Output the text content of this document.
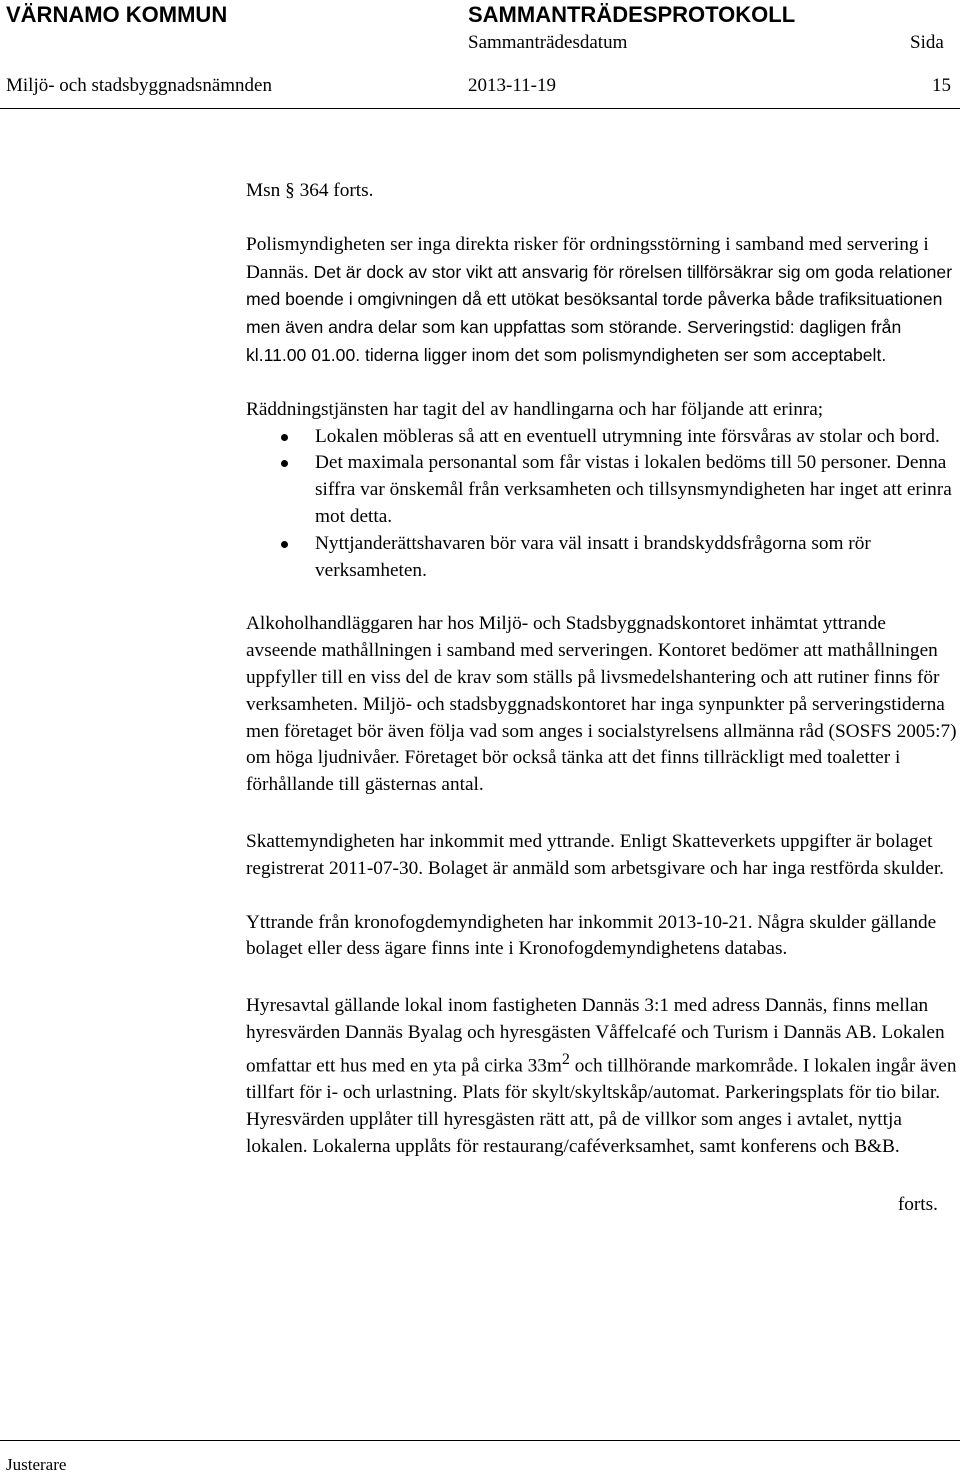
VÄRNAMO KOMMUN	SAMMANTRÄDESPROTOKOLL
Sammanträdesdatum	Sida
Miljö- och stadsbyggnadsnämnden	2013-11-19	15

Msn § 364 forts.

Polismyndigheten ser inga direkta risker för ordningsstörning i samband med servering i Dannäs. Det är dock av stor vikt att ansvarig för rörelsen tillförsäkrar sig om goda relationer med boende i omgivningen då ett utökat besöksantal torde påverka både trafiksituationen men även andra delar som kan uppfattas som störande. Serveringstid: dagligen från kl.11.00 01.00. tiderna ligger inom det som polismyndigheten ser som acceptabelt.

Räddningstjänsten har tagit del av handlingarna och har följande att erinra;

Lokalen möbleras så att en eventuell utrymning inte försvåras av stolar och bord.
Det maximala personantal som får vistas i lokalen bedöms till 50 personer. Denna siffra var önskemål från verksamheten och tillsynsmyndigheten har inget att erinra mot detta.
Nyttjanderättshavaren bör vara väl insatt i brandskyddsfrågorna som rör verksamheten.

Alkoholhandläggaren har hos Miljö- och Stadsbyggnadskontoret inhämtat yttrande avseende mathållningen i samband med serveringen. Kontoret bedömer att mathållningen uppfyller till en viss del de krav som ställs på livsmedelshantering och att rutiner finns för verksamheten. Miljö- och stadsbyggnadskontoret har inga synpunkter på serveringstiderna men företaget bör även följa vad som anges i socialstyrelsens allmänna råd (SOSFS 2005:7) om höga ljudnivåer. Företaget bör också tänka att det finns tillräckligt med toaletter i förhållande till gästernas antal.

Skattemyndigheten har inkommit med yttrande. Enligt Skatteverkets uppgifter är bolaget registrerat 2011-07-30. Bolaget är anmäld som arbetsgivare och har inga restförda skulder.

Yttrande från kronofogdemyndigheten har inkommit 2013-10-21. Några skulder gällande bolaget eller dess ägare finns inte i Kronofogdemyndighetens databas.

Hyresavtal gällande lokal inom fastigheten Dannäs 3:1 med adress Dannäs, finns mellan hyresvärden Dannäs Byalag och hyresgästen Våffelcafé och Turism i Dannäs AB. Lokalen omfattar ett hus med en yta på cirka $33m^2$ och tillhörande markområde. I lokalen ingår även tillfart för i- och urlastning. Plats för skylt/skyltskåp/automat. Parkeringsplats för tio bilar. Hyresvärden upplåter till hyresgästen rätt att, på de villkor som anges i avtalet, nyttja lokalen. Lokalerna upplåts för restaurang/caféverksamhet, samt konferens och B&B.

forts.

Justerare
